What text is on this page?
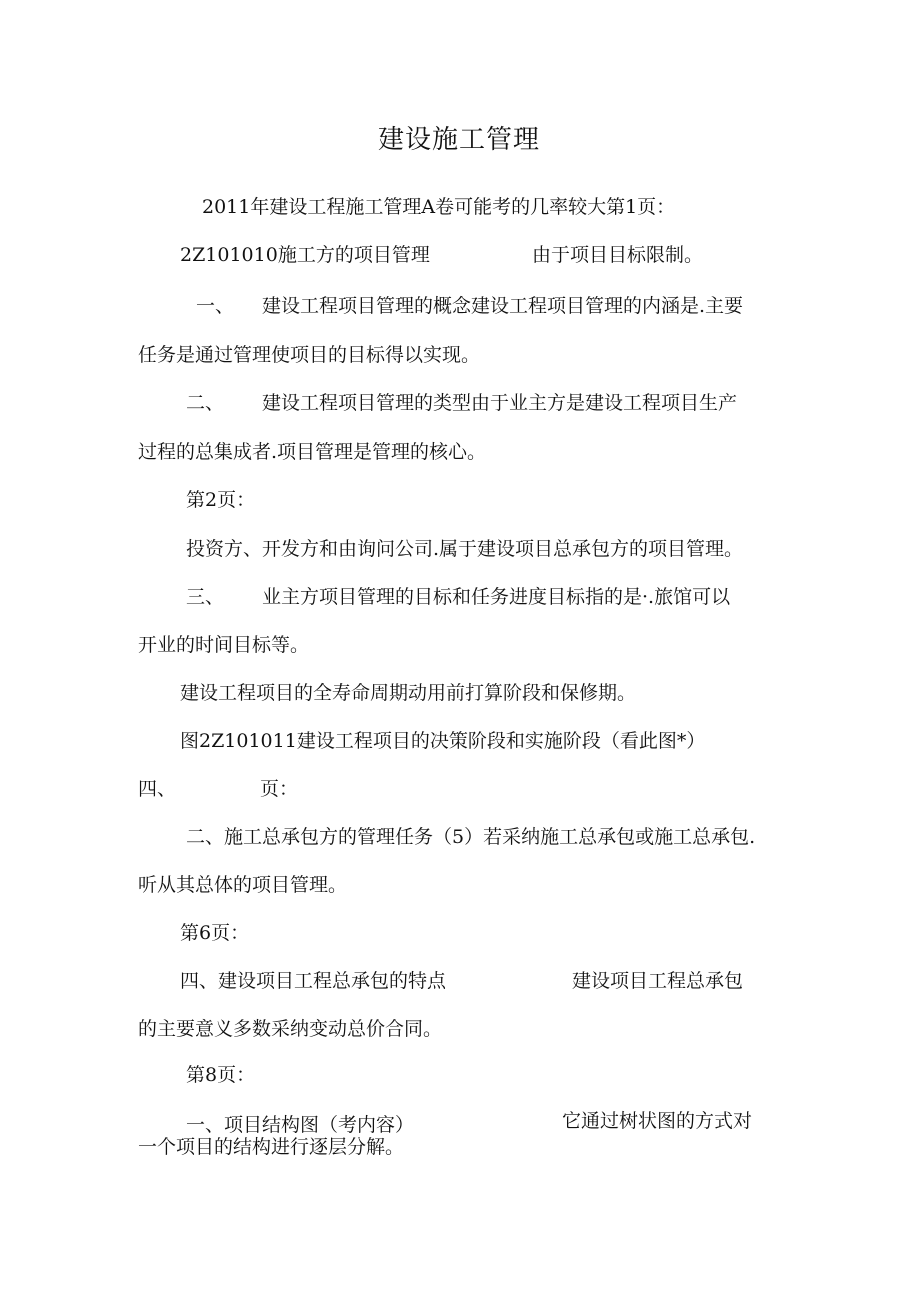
建设施工管理
2011年建设工程施工管理A卷可能考的几率较大第1页：
2Z101010施工方的项目管理	由于项目目标限制。
一、 建设工程项目管理的概念建设工程项目管理的内涵是.主要
任务是通过管理使项目的目标得以实现。
二、 建设工程项目管理的类型由于业主方是建设工程项目生产
过程的总集成者.项目管理是管理的核心。
第2页：
投资方、开发方和由询问公司.属于建设项目总承包方的项目管理。
三、 业主方项目管理的目标和任务进度目标指的是·.旅馆可以
开业的时间目标等。
建设工程项目的全寿命周期动用前打算阶段和保修期。
图2Z101011建设工程项目的决策阶段和实施阶段（看此图*）
四、	页：
二、施工总承包方的管理任务（5）若采纳施工总承包或施工总承包.
听从其总体的项目管理。
第6页：
四、建设项目工程总承包的特点	建设项目工程总承包
的主要意义多数采纳变动总价合同。
第8页：
一、项目结构图（考内容）	它通过树状图的方式对
一个项目的结构进行逐层分解。
